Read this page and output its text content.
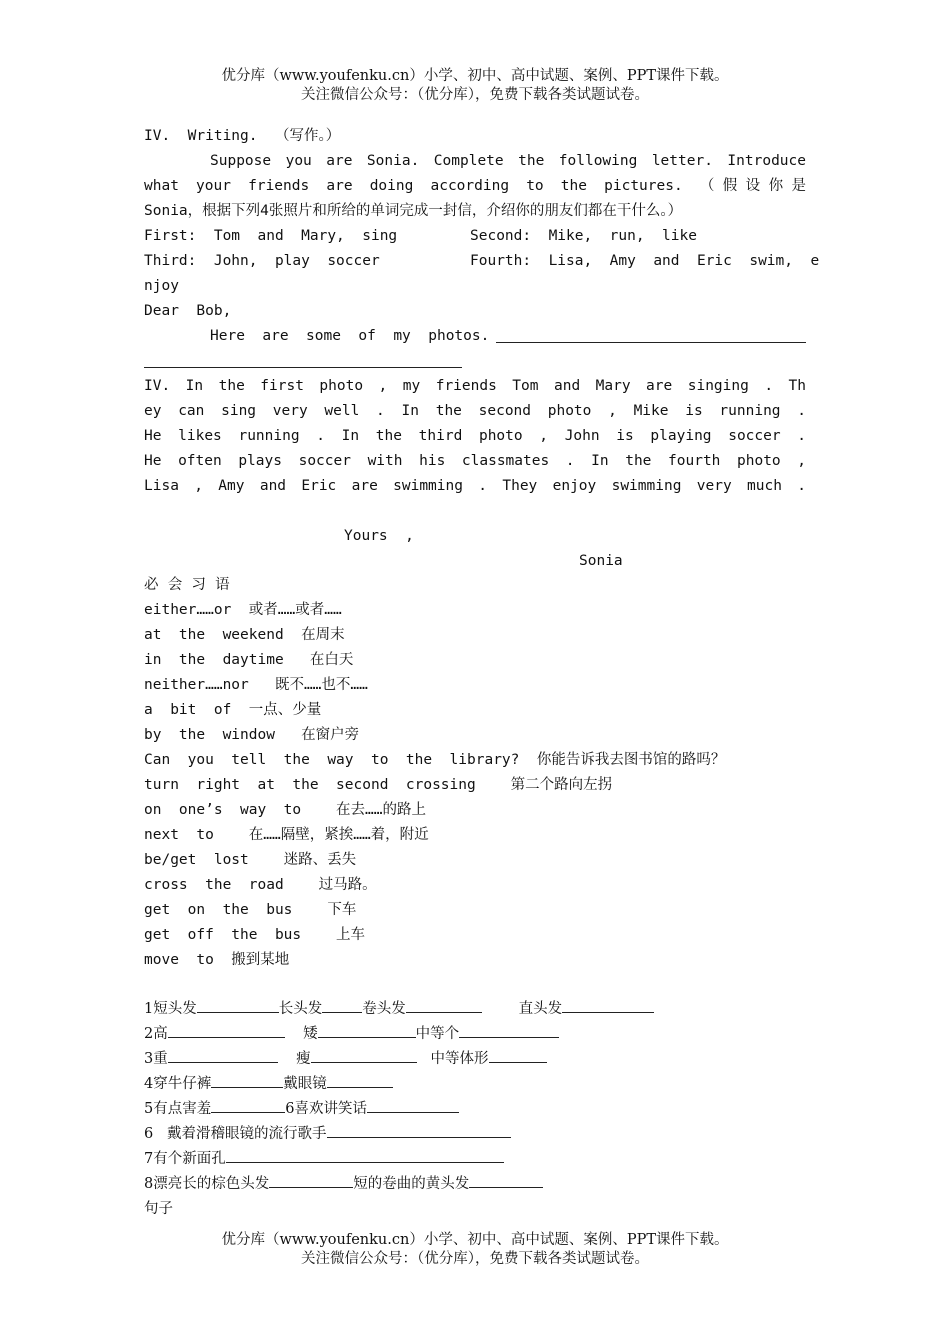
优分库（www.youfenku.cn）小学、初中、高中试题、案例、PPT课件下载。
关注微信公众号：（优分库），免费下载各类试题试卷。
IV.  Writing.  （写作。）
Suppose you are Sonia. Complete the following letter. Introduce
what your friends are doing according to the pictures. （假设你是
Sonia，根据下列4张照片和所给的单词完成一封信，介绍你的朋友们都在干什么。）
First:  Tom  and  Mary,  sing	Second:  Mike,  run,  like
Third:  John,  play  soccer	Fourth:  Lisa,  Amy  and  Eric  swim,  e
njoy
Dear  Bob,
Here  are  some  of  my  photos.
IV. In the first photo , my friends Tom and Mary are singing . Th
ey can sing very well . In the second photo , Mike is running .
He likes running . In the third photo , John is playing soccer .
He often plays soccer with his classmates . In the fourth photo ,
Lisa , Amy and Eric are swimming . They enjoy swimming very much .
Yours  ,
Sonia
必  会  习  语
either……or  或者……或者……
at  the  weekend  在周末
in  the  daytime   在白天
neither……nor   既不……也不……
a  bit  of  一点、少量
by  the  window   在窗户旁
Can  you  tell  the  way  to  the  library?  你能告诉我去图书馆的路吗？
turn  right  at  the  second  crossing    第二个路向左拐
on  one’s  way  to    在去……的路上
next  to    在……隔壁，紧挨……着，附近
be/get  lost    迷路、丢失
cross  the  road    过马路。
get  on  the  bus    下车
get  off  the  bus    上车
move  to  搬到某地
1短头发	长头发	卷头发	直头发
2高	矮	中等个
3重	瘦	中等体形
4穿牛仔裤	戴眼镜
5有点害羞	6喜欢讲笑话
6   戴着滑稽眼镜的流行歌手
7有个新面孔
8漂亮长的棕色头发	短的卷曲的黄头发
句子
优分库（www.youfenku.cn）小学、初中、高中试题、案例、PPT课件下载。
关注微信公众号：（优分库），免费下载各类试题试卷。
